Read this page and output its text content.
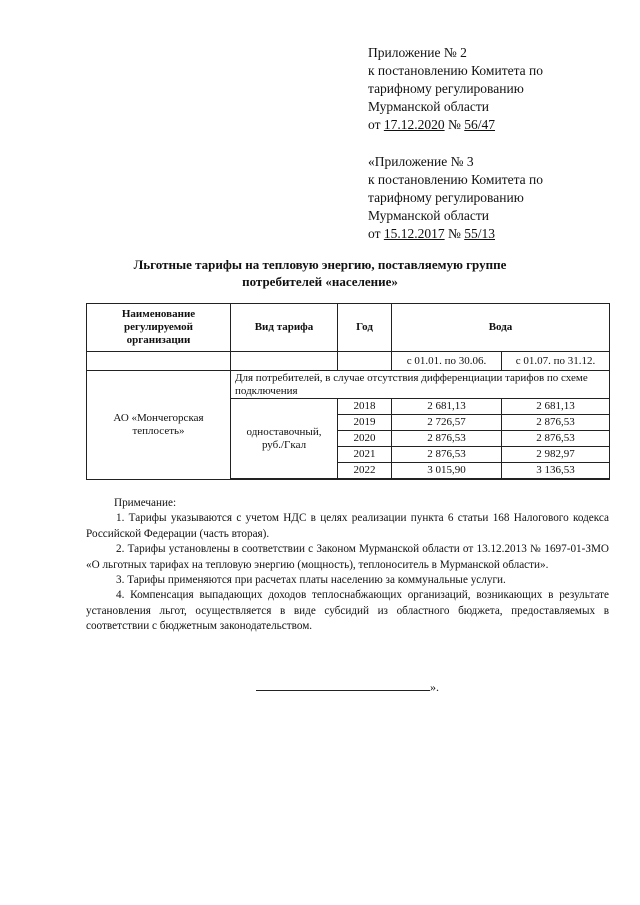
Приложение № 2
к постановлению Комитета по
тарифному регулированию
Мурманской области
от 17.12.2020 № 56/47
«Приложение № 3
к постановлению Комитета по
тарифному регулированию
Мурманской области
от 15.12.2017 № 55/13
Льготные тарифы на тепловую энергию, поставляемую группе
потребителей «население»
Наименование регулируемой организации	Вид тарифа	Год	Вода	
			с 01.01. по 30.06.	с 01.07. по 31.12.
АО «Мончегорская теплосеть»	Для потребителей, в случае отсутствия дифференциации тарифов по схеме подключения			
	одноставочный, руб./Гкал	2018	2 681,13	2 681,13
		2019	2 726,57	2 876,53
		2020	2 876,53	2 876,53
		2021	2 876,53	2 982,97
		2022	3 015,90	3 136,53

Примечание:

1. Тарифы указываются с учетом НДС в целях реализации пункта 6 статьи 168 Налогового кодекса Российской Федерации (часть вторая).

2. Тарифы установлены в соответствии с Законом Мурманской области от 13.12.2013 № 1697-01-ЗМО «О льготных тарифах на тепловую энергию (мощность), теплоноситель в Мурманской области».

3. Тарифы применяются при расчетах платы населению за коммунальные услуги.

4. Компенсация выпадающих доходов теплоснабжающих организаций, возникающих в результате установления льгот, осуществляется в виде субсидий из областного бюджета, предоставляемых в соответствии с бюджетным законодательством.

».
